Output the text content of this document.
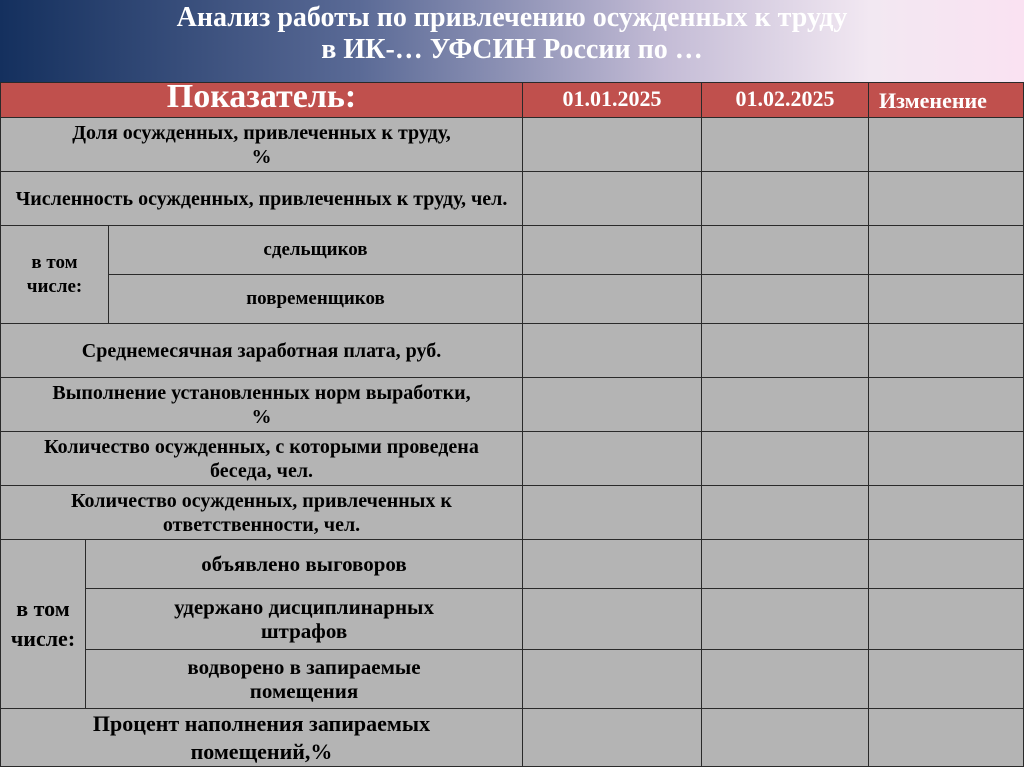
Анализ работы по привлечению осужденных к труду
в ИК-… УФСИН России по …
Показатель:	01.01.2025	01.02.2025	Изменение
Доля осужденных, привлеченных к труду, %
Численность осужденных, привлеченных к труду, чел.
в том числе:
сдельщиков
повременщиков
Среднемесячная заработная плата, руб.
Выполнение установленных норм выработки, %
Количество осужденных, с которыми проведена беседа, чел.
Количество осужденных, привлеченных к ответственности, чел.
в том числе:
объявлено выговоров
удержано дисциплинарных штрафов
водворено в запираемые помещения
Процент наполнения запираемых помещений,%
